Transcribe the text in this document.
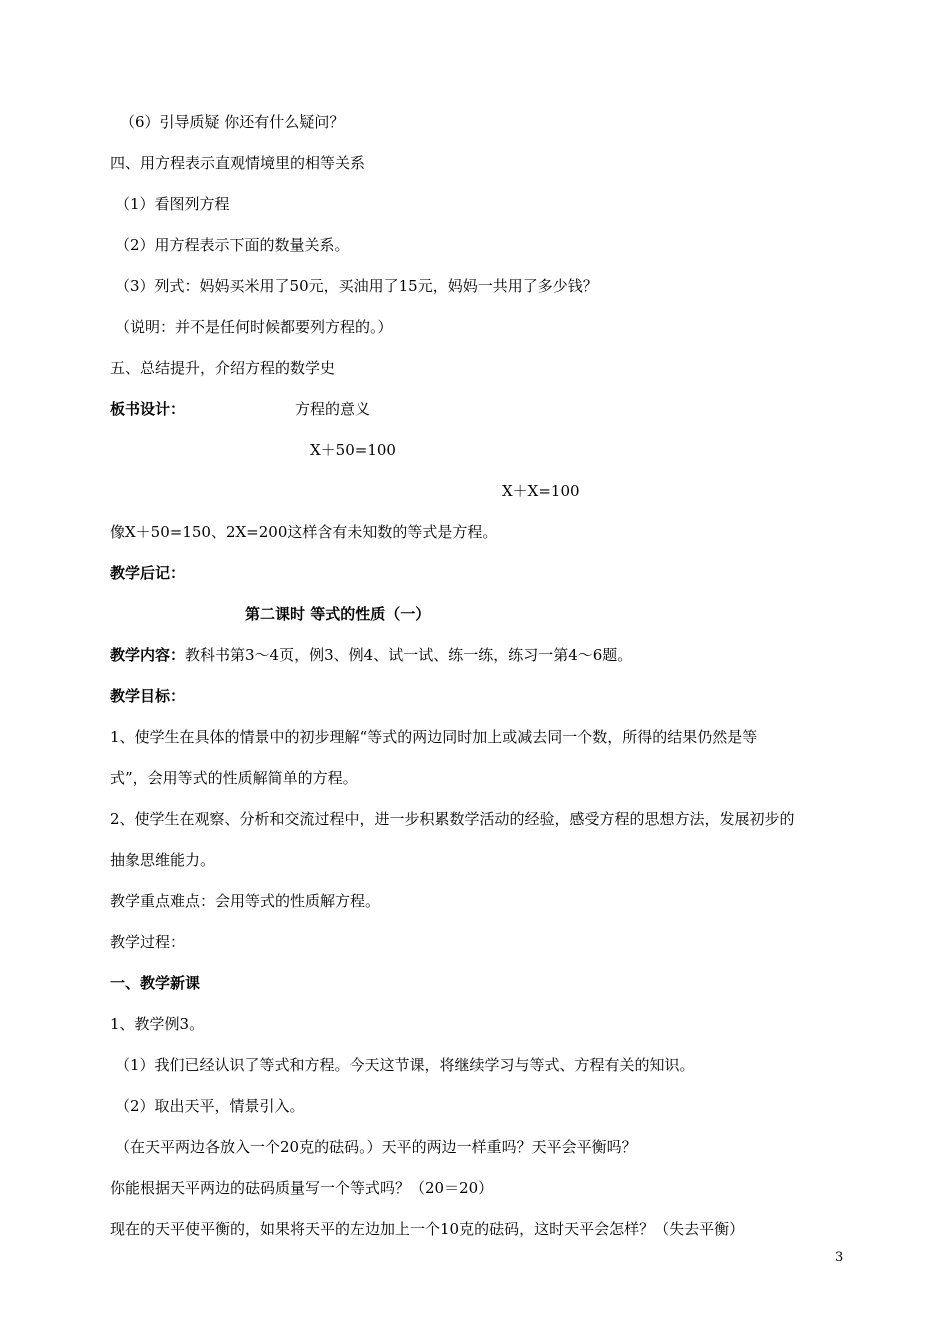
（6）引导质疑 你还有什么疑问？
四、用方程表示直观情境里的相等关系
（1）看图列方程
（2）用方程表示下面的数量关系。
（3）列式：妈妈买米用了50元，买油用了15元，妈妈一共用了多少钱？
（说明：并不是任何时候都要列方程的。）
五、总结提升，介绍方程的数学史
板书设计：	方程的意义
X＋50=100
X＋X=100
像X＋50=150、2X=200这样含有未知数的等式是方程。
教学后记：
第二课时 等式的性质（一）
教学内容：教科书第3～4页，例3、例4、试一试、练一练，练习一第4～6题。
教学目标：
1、使学生在具体的情景中的初步理解“等式的两边同时加上或减去同一个数，所得的结果仍然是等
式”，会用等式的性质解简单的方程。
2、使学生在观察、分析和交流过程中，进一步积累数学活动的经验，感受方程的思想方法，发展初步的
抽象思维能力。
教学重点难点：会用等式的性质解方程。
教学过程：
一、教学新课
1、教学例3。
（1）我们已经认识了等式和方程。今天这节课，将继续学习与等式、方程有关的知识。
（2）取出天平，情景引入。
（在天平两边各放入一个20克的砝码。）天平的两边一样重吗？天平会平衡吗？
你能根据天平两边的砝码质量写一个等式吗？（20＝20）
现在的天平使平衡的，如果将天平的左边加上一个10克的砝码，这时天平会怎样？（失去平衡）
3
